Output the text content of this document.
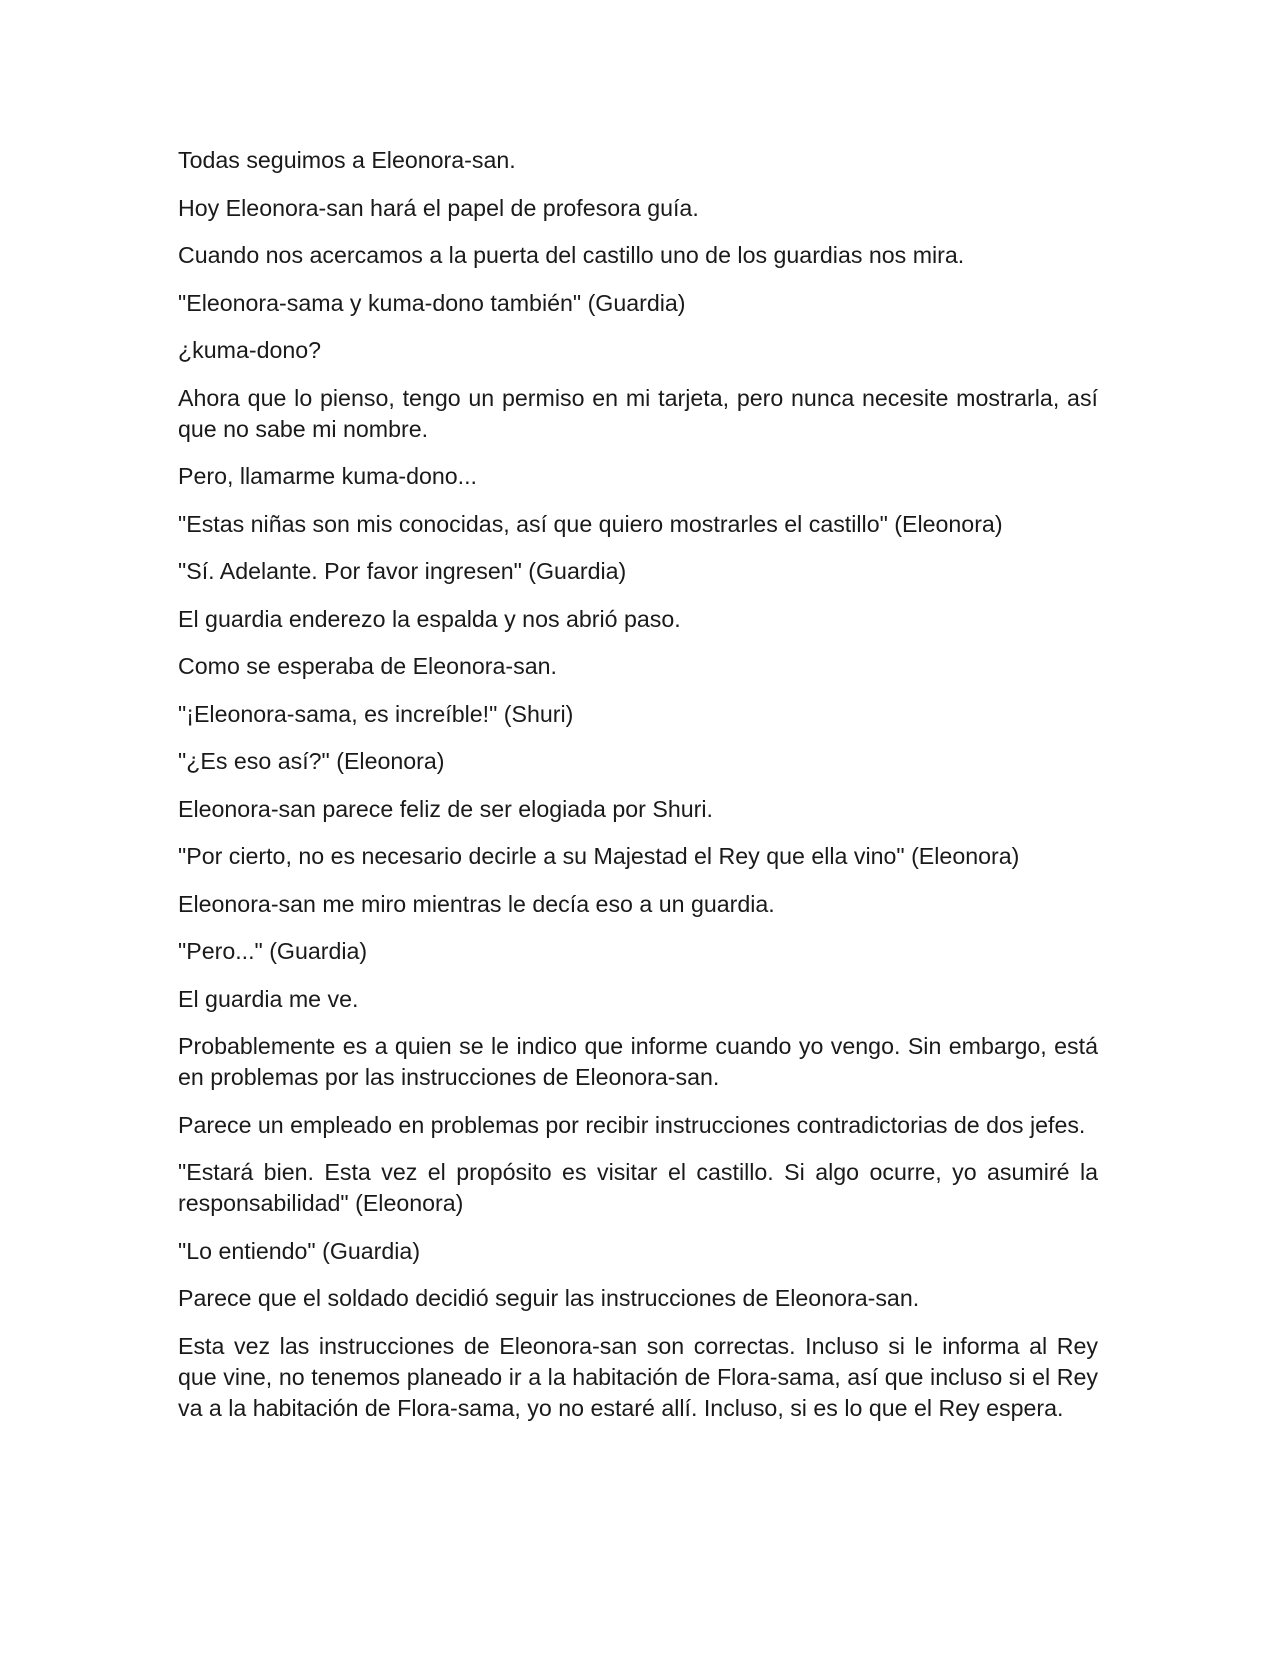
Todas seguimos a Eleonora-san.

Hoy Eleonora-san hará el papel de profesora guía.

Cuando nos acercamos a la puerta del castillo uno de los guardias nos mira.

"Eleonora-sama y kuma-dono también" (Guardia)

¿kuma-dono?

Ahora que lo pienso, tengo un permiso en mi tarjeta, pero nunca necesite mostrarla, así que no sabe mi nombre.

Pero, llamarme kuma-dono...

"Estas niñas son mis conocidas, así que quiero mostrarles el castillo" (Eleonora)

"Sí. Adelante. Por favor ingresen" (Guardia)

El guardia enderezo la espalda y nos abrió paso.

Como se esperaba de Eleonora-san.

"¡Eleonora-sama, es increíble!" (Shuri)

"¿Es eso así?" (Eleonora)

Eleonora-san parece feliz de ser elogiada por Shuri.

"Por cierto, no es necesario decirle a su Majestad el Rey que ella vino" (Eleonora)

Eleonora-san me miro mientras le decía eso a un guardia.

"Pero..." (Guardia)

El guardia me ve.

Probablemente es a quien se le indico que informe cuando yo vengo. Sin embargo, está en problemas por las instrucciones de Eleonora-san.

Parece un empleado en problemas por recibir instrucciones contradictorias de dos jefes.

"Estará bien. Esta vez el propósito es visitar el castillo. Si algo ocurre, yo asumiré la responsabilidad" (Eleonora)

"Lo entiendo" (Guardia)

Parece que el soldado decidió seguir las instrucciones de Eleonora-san.

Esta vez las instrucciones de Eleonora-san son correctas. Incluso si le informa al Rey que vine, no tenemos planeado ir a la habitación de Flora-sama, así que incluso si el Rey va a la habitación de Flora-sama, yo no estaré allí. Incluso, si es lo que el Rey espera.
